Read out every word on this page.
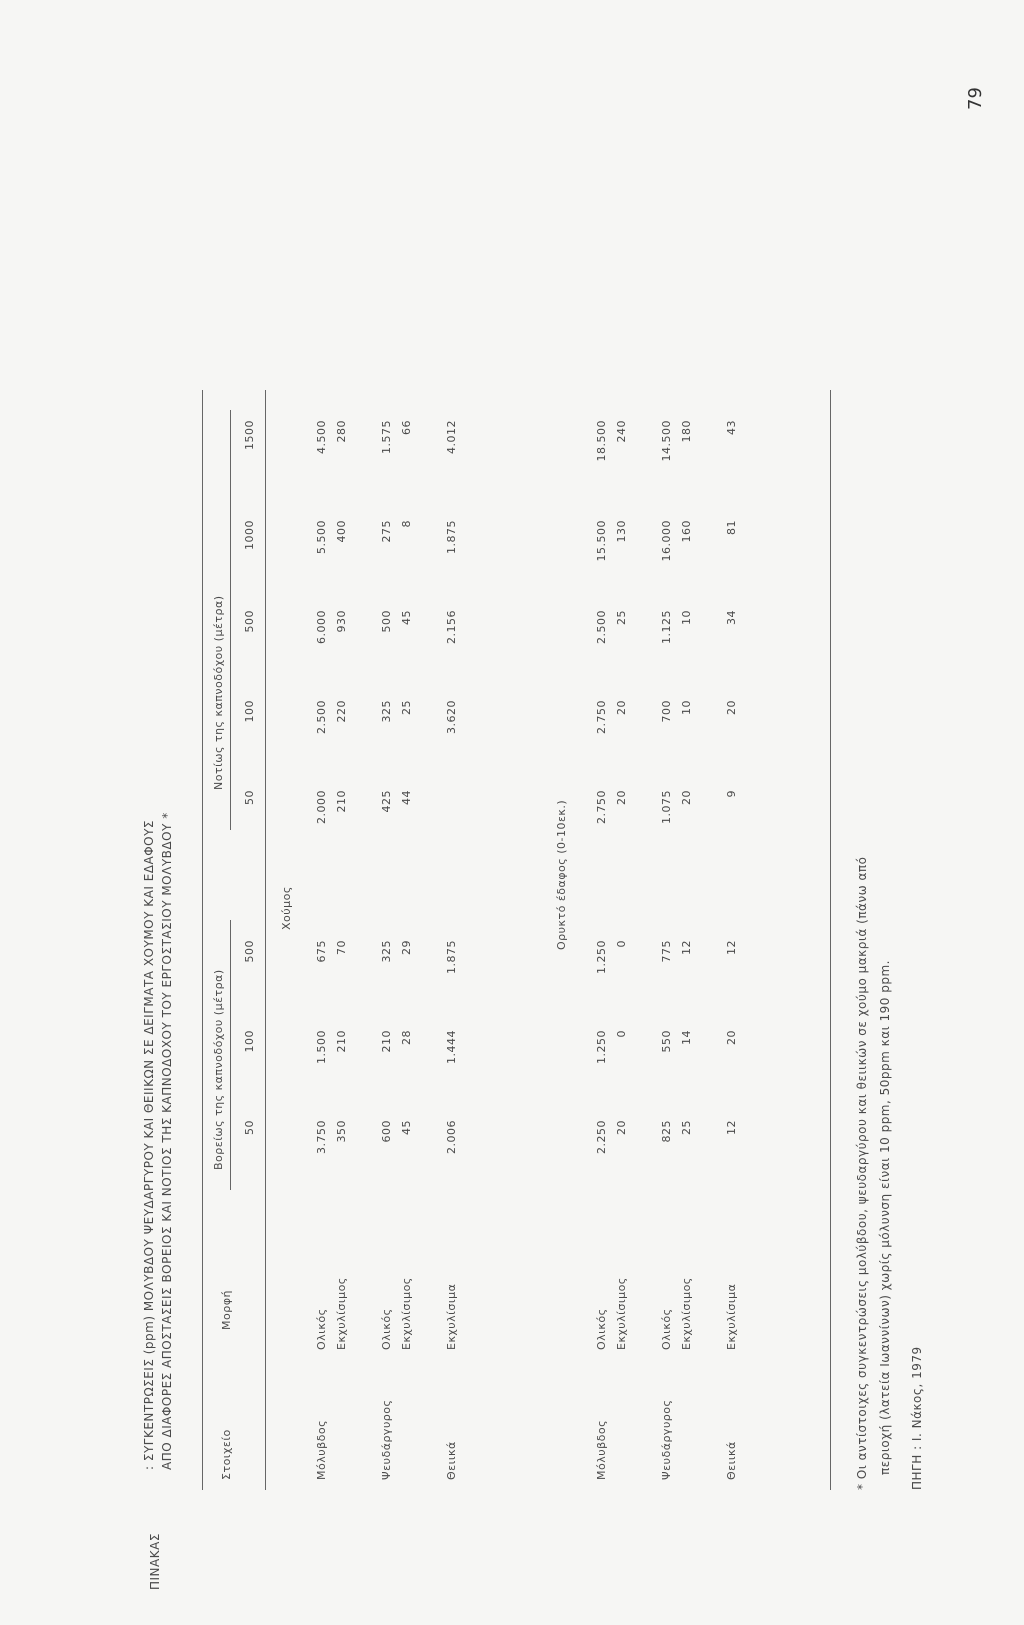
79
ΠΙΝΑΚΑΣ
: ΣΥΓΚΕΝΤΡΩΣΕΙΣ (ppm) ΜΟΛΥΒΔΟΥ ΨΕΥΔΑΡΓΥΡΟΥ ΚΑΙ ΘΕΙΙΚΩΝ ΣΕ ΔΕΙΓΜΑΤΑ ΧΟΥΜΟΥ ΚΑΙ ΕΔΑΦΟΥΣ ΑΠΟ ΔΙΑΦΟΡΕΣ ΑΠΟΣΤΑΣΕΙΣ ΒΟΡΕΙΟΣ ΚΑΙ ΝΟΤΙΟΣ ΤΗΣ ΚΑΠΝΟΔΟΧΟΥ ΤΟΥ ΕΡΓΟΣΤΑΣΙΟΥ ΜΟΛΥΒΔΟΥ *	Στοιχείο
Μορφή
Βορείως της καπνοδόχου (μέτρα)
Νοτίως της καπνοδόχου (μέτρα)
50
100
500
50
100
500
1000
1500
Χούμος
Μόλυβδος
Ολικός
3.750
1.500
675
2.000
2.500
6.000
5.500
4.500
Εκχυλίσιμος
350
210
70
210
220
930
400
280
Ψευδάργυρος
Ολικός
600
210
325
425
325
500
275
1.575
Εκχυλίσιμος
45
28
29
44
25
45
8
66
Θειικά
Εκχυλίσιμα
2.006
1.444
1.875
3.620
2.156
1.875
4.012
Ορυκτό έδαφος (0-10εκ.)
Μόλυβδος
Ολικός
2.250
1.250
1.250
2.750
2.750
2.500
15.500
18.500
Εκχυλίσιμος
20
0
0
20
20
25
130
240
Ψευδάργυρος
Ολικός
825
550
775
1.075
700
1.125
16.000
14.500
Εκχυλίσιμος
25
14
12
20
10
10
160
180
Θειικά
Εκχυλίσιμα
12
20
12
9
20
34
81
43
* Οι αντίστοιχες συγκεντρώσεις μολύβδου, ψευδαργύρου και θειικών σε χούμο μακριά (πάνω από περιοχή (λατεία Ιωαννίνων) χωρίς μόλυνση είναι 10 ppm, 50ppm και 190 ppm. ΠΗΓΗ : Ι. Νάκος, 1979
